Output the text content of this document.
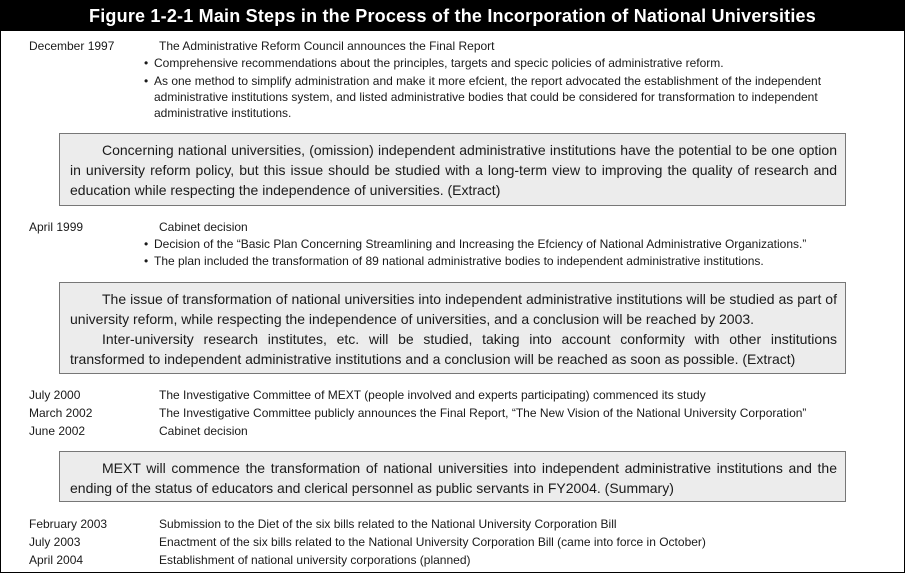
Figure 1-2-1 Main Steps in the Process of the Incorporation of National Universities
December 1997	The Administrative Reform Council announces the Final Report
• Comprehensive recommendations about the principles, targets and specic policies of administrative reform.
• As one method to simplify administration and make it more efcient, the report advocated the establishment of the independent administrative institutions system, and listed administrative bodies that could be considered for transformation to independent administrative institutions.

Concerning national universities, (omission) independent administrative institutions have the potential to be one option in university reform policy, but this issue should be studied with a long-term view to improving the quality of research and education while respecting the independence of universities. (Extract)

April 1999	Cabinet decision
• Decision of the “Basic Plan Concerning Streamlining and Increasing the Efciency of National Administrative Organizations.”
• The plan included the transformation of 89 national administrative bodies to independent administrative institutions.

The issue of transformation of national universities into independent administrative institutions will be studied as part of university reform, while respecting the independence of universities, and a conclusion will be reached by 2003.

Inter-university research institutes, etc. will be studied, taking into account conformity with other institutions transformed to independent administrative institutions and a conclusion will be reached as soon as possible. (Extract)

July 2000	The Investigative Committee of MEXT (people involved and experts participating) commenced its study
March 2002	The Investigative Committee publicly announces the Final Report, “The New Vision of the National University Corporation”
June 2002	Cabinet decision

MEXT will commence the transformation of national universities into independent administrative institutions and the ending of the status of educators and clerical personnel as public servants in FY2004. (Summary)

February 2003	Submission to the Diet of the six bills related to the National University Corporation Bill
July 2003	Enactment of the six bills related to the National University Corporation Bill (came into force in October)
April 2004	Establishment of national university corporations (planned)
